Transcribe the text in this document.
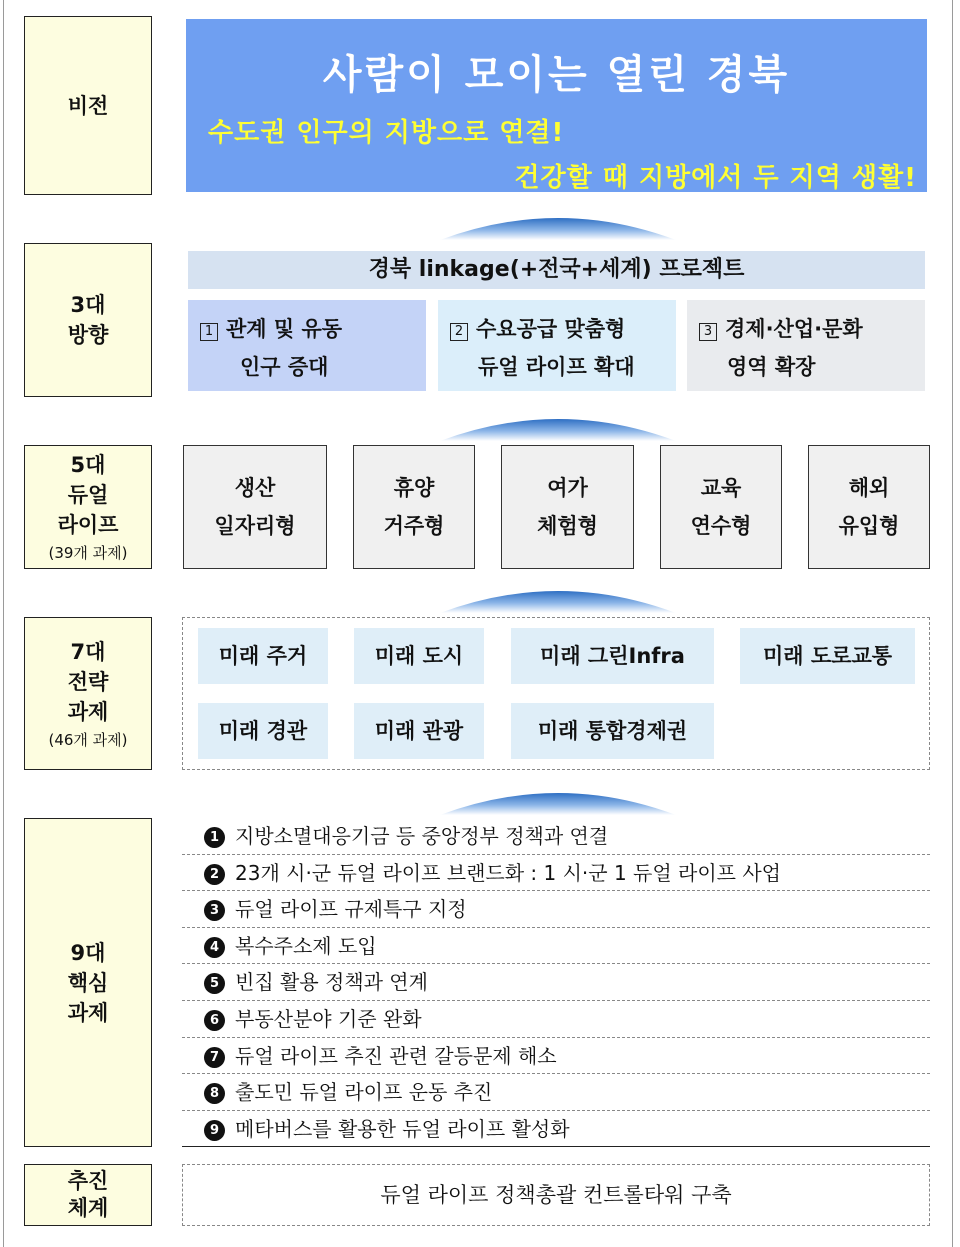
비전
3대
방향
5대
듀얼
라이프
(39개 과제)
7대
전략
과제
(46개 과제)
9대
핵심
과제
추진
체계
사람이 모이는 열린 경북
수도권 인구의 지방으로 연결!
건강할 때 지방에서 두 지역 생활!
경북 linkage(+전국+세계) 프로젝트
1 관계 및 유동
인구 증대
2 수요공급 맞춤형
듀얼 라이프 확대
3 경제·산업·문화
영역 확장
생산
일자리형
휴양
거주형
여가
체험형
교육
연수형
해외
유입형
미래 주거	미래 도시	미래 그린Infra	미래 도로교통
미래 경관	미래 관광	미래 통합경제권
1 지방소멸대응기금 등 중앙정부 정책과 연결
2 23개 시·군 듀얼 라이프 브랜드화 : 1 시·군 1 듀얼 라이프 사업
3 듀얼 라이프 규제특구 지정
4 복수주소제 도입
5 빈집 활용 정책과 연계
6 부동산분야 기준 완화
7 듀얼 라이프 추진 관련 갈등문제 해소
8 출도민 듀얼 라이프 운동 추진
9 메타버스를 활용한 듀얼 라이프 활성화
듀얼 라이프 정책총괄 컨트롤타워 구축
